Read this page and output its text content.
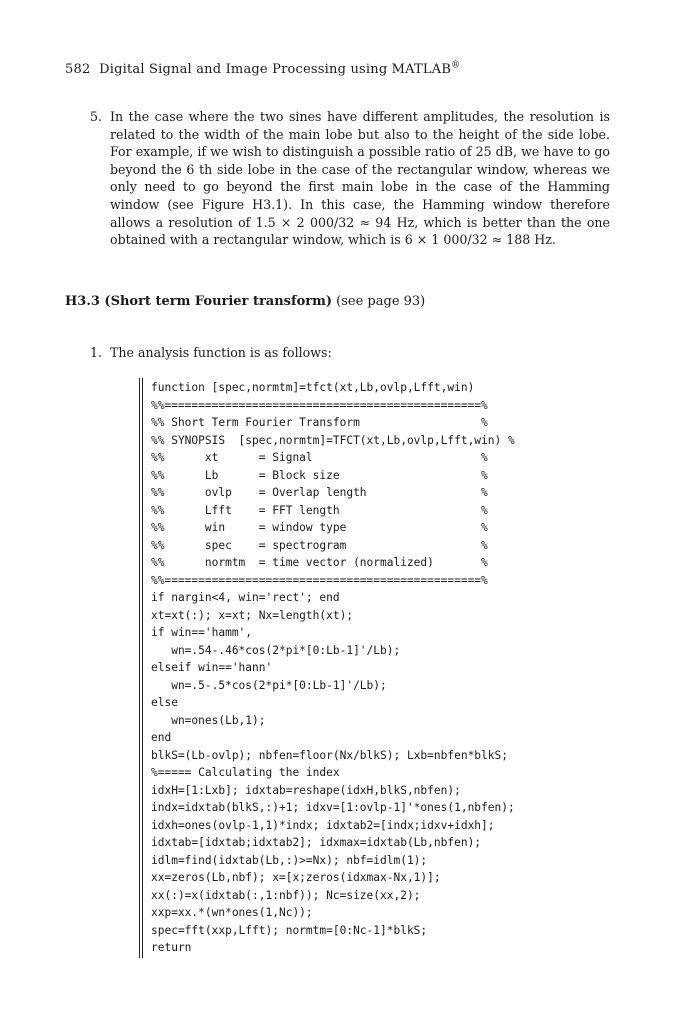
582 Digital Signal and Image Processing using MATLAB®
5. In the case where the two sines have different amplitudes, the resolution is related to the width of the main lobe but also to the height of the side lobe. For example, if we wish to distinguish a possible ratio of 25 dB, we have to go beyond the 6 th side lobe in the case of the rectangular window, whereas we only need to go beyond the first main lobe in the case of the Hamming window (see Figure H3.1). In this case, the Hamming window therefore allows a resolution of 1.5 × 2 000/32 ≈ 94 Hz, which is better than the one obtained with a rectangular window, which is 6 × 1 000/32 ≈ 188 Hz.
H3.3 (Short term Fourier transform) (see page 93)
1. The analysis function is as follows:
function [spec,normtm]=tfct(xt,Lb,ovlp,Lfft,win)
%%===============================================%
%% Short Term Fourier Transform                  %
%% SYNOPSIS  [spec,normtm]=TFCT(xt,Lb,ovlp,Lfft,win) %
%%      xt      = Signal                         %
%%      Lb      = Block size                     %
%%      ovlp    = Overlap length                 %
%%      Lfft    = FFT length                     %
%%      win     = window type                    %
%%      spec    = spectrogram                    %
%%      normtm  = time vector (normalized)       %
%%===============================================%
if nargin<4, win='rect'; end
xt=xt(:); x=xt; Nx=length(xt);
if win=='hamm',
wn=.54-.46*cos(2*pi*[0:Lb-1]'/Lb);
elseif win=='hann'
wn=.5-.5*cos(2*pi*[0:Lb-1]'/Lb);
else
wn=ones(Lb,1);
end
blkS=(Lb-ovlp); nbfen=floor(Nx/blkS); Lxb=nbfen*blkS;
%===== Calculating the index
idxH=[1:Lxb]; idxtab=reshape(idxH,blkS,nbfen);
indx=idxtab(blkS,:)+1; idxv=[1:ovlp-1]'*ones(1,nbfen);
idxh=ones(ovlp-1,1)*indx; idxtab2=[indx;idxv+idxh];
idxtab=[idxtab;idxtab2]; idxmax=idxtab(Lb,nbfen);
idlm=find(idxtab(Lb,:)>=Nx); nbf=idlm(1);
xx=zeros(Lb,nbf); x=[x;zeros(idxmax-Nx,1)];
xx(:)=x(idxtab(:,1:nbf)); Nc=size(xx,2);
xxp=xx.*(wn*ones(1,Nc));
spec=fft(xxp,Lfft); normtm=[0:Nc-1]*blkS;
return
